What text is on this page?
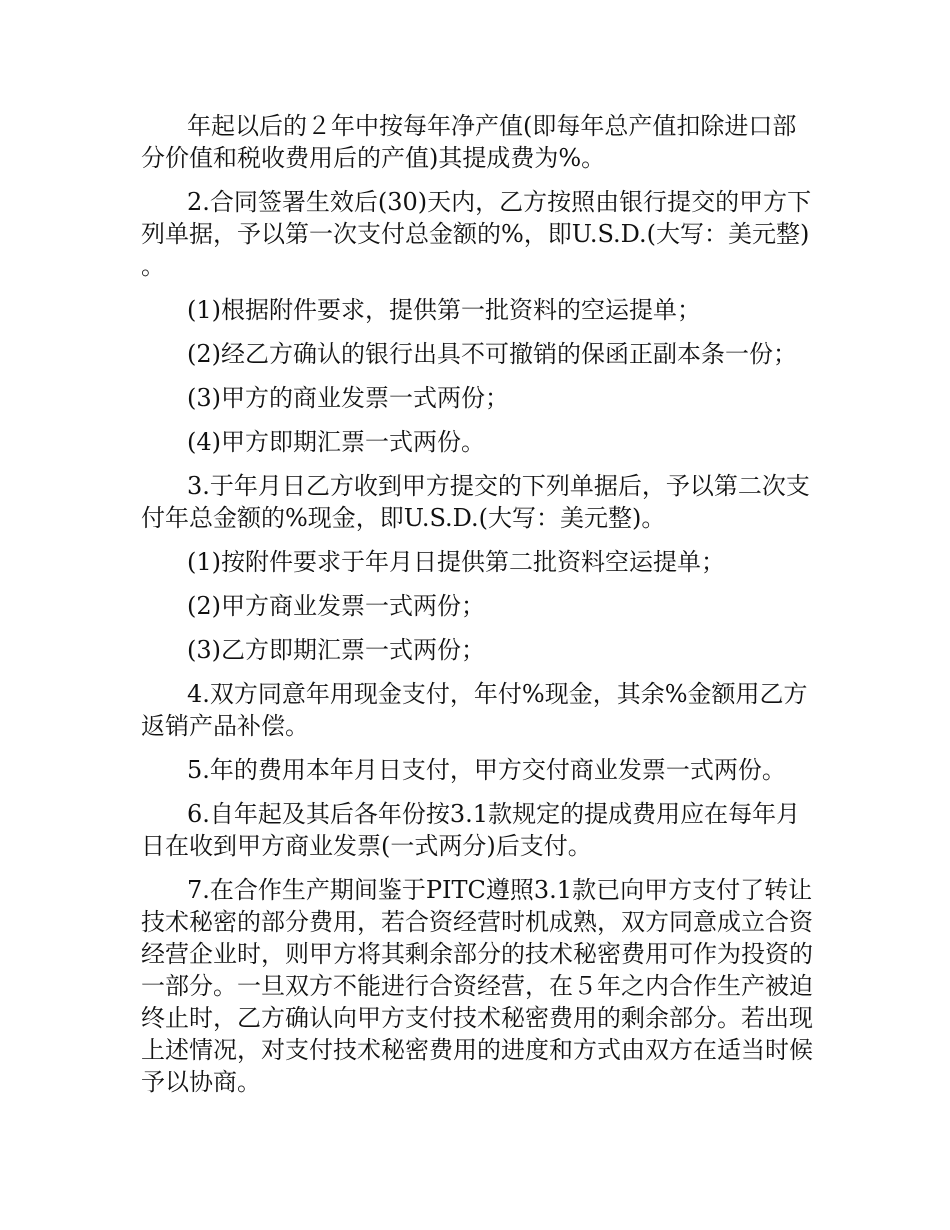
年起以后的２年中按每年净产值(即每年总产值扣除进口部分价值和税收费用后的产值)其提成费为%。

2.合同签署生效后(30)天内，乙方按照由银行提交的甲方下列单据，予以第一次支付总金额的%，即U.S.D.(大写：美元整)。

(1)根据附件要求，提供第一批资料的空运提单；

(2)经乙方确认的银行出具不可撤销的保函正副本条一份；

(3)甲方的商业发票一式两份；

(4)甲方即期汇票一式两份。

3.于年月日乙方收到甲方提交的下列单据后，予以第二次支付年总金额的%现金，即U.S.D.(大写：美元整)。

(1)按附件要求于年月日提供第二批资料空运提单；

(2)甲方商业发票一式两份；

(3)乙方即期汇票一式两份；

4.双方同意年用现金支付，年付%现金，其余%金额用乙方返销产品补偿。

5.年的费用本年月日支付，甲方交付商业发票一式两份。

6.自年起及其后各年份按3.1款规定的提成费用应在每年月日在收到甲方商业发票(一式两分)后支付。

7.在合作生产期间鉴于PITC遵照3.1款已向甲方支付了转让技术秘密的部分费用，若合资经营时机成熟，双方同意成立合资经营企业时，则甲方将其剩余部分的技术秘密费用可作为投资的一部分。一旦双方不能进行合资经营，在５年之内合作生产被迫终止时，乙方确认向甲方支付技术秘密费用的剩余部分。若出现上述情况，对支付技术秘密费用的进度和方式由双方在适当时候予以协商。
